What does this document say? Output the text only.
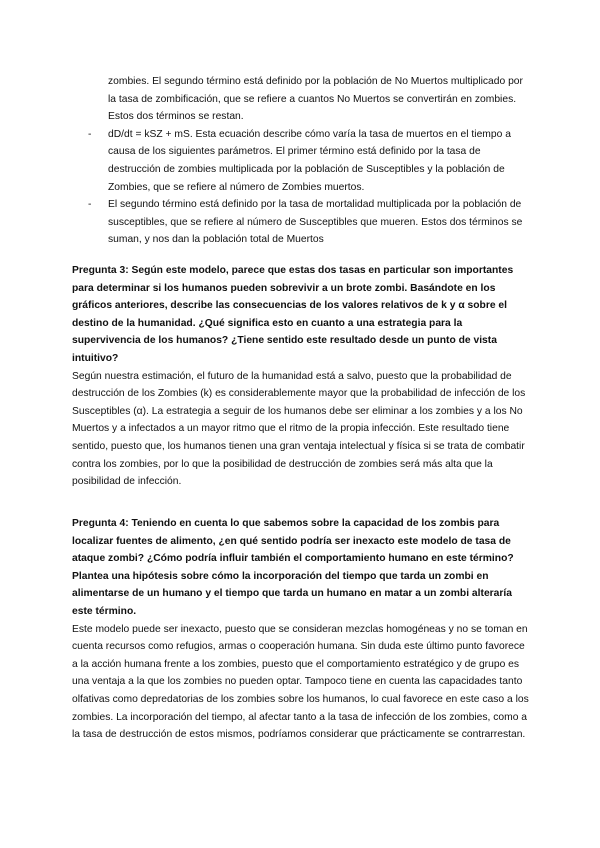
zombies. El segundo término está definido por la población de No Muertos multiplicado por la tasa de zombificación, que se refiere a cuantos No Muertos se convertirán en zombies. Estos dos términos se restan.
- dD/dt = kSZ + mS. Esta ecuación describe cómo varía la tasa de muertos en el tiempo a causa de los siguientes parámetros. El primer término está definido por la tasa de destrucción de zombies multiplicada por la población de Susceptibles y la población de Zombies, que se refiere al número de Zombies muertos.
- El segundo término está definido por la tasa de mortalidad multiplicada por la población de susceptibles, que se refiere al número de Susceptibles que mueren. Estos dos términos se suman, y nos dan la población total de Muertos

Pregunta 3: Según este modelo, parece que estas dos tasas en particular son importantes para determinar si los humanos pueden sobrevivir a un brote zombi. Basándote en los gráficos anteriores, describe las consecuencias de los valores relativos de k y α sobre el destino de la humanidad. ¿Qué significa esto en cuanto a una estrategia para la supervivencia de los humanos? ¿Tiene sentido este resultado desde un punto de vista intuitivo?

Según nuestra estimación, el futuro de la humanidad está a salvo, puesto que la probabilidad de destrucción de los Zombies (k) es considerablemente mayor que la probabilidad de infección de los Susceptibles (α). La estrategia a seguir de los humanos debe ser eliminar a los zombies y a los No Muertos y a infectados a un mayor ritmo que el ritmo de la propia infección. Este resultado tiene sentido, puesto que, los humanos tienen una gran ventaja intelectual y física si se trata de combatir contra los zombies, por lo que la posibilidad de destrucción de zombies será más alta que la posibilidad de infección.

Pregunta 4: Teniendo en cuenta lo que sabemos sobre la capacidad de los zombis para localizar fuentes de alimento, ¿en qué sentido podría ser inexacto este modelo de tasa de ataque zombi? ¿Cómo podría influir también el comportamiento humano en este término? Plantea una hipótesis sobre cómo la incorporación del tiempo que tarda un zombi en alimentarse de un humano y el tiempo que tarda un humano en matar a un zombi alteraría este término.

Este modelo puede ser inexacto, puesto que se consideran mezclas homogéneas y no se toman en cuenta recursos como refugios, armas o cooperación humana. Sin duda este último punto favorece a la acción humana frente a los zombies, puesto que el comportamiento estratégico y de grupo es una ventaja a la que los zombies no pueden optar. Tampoco tiene en cuenta las capacidades tanto olfativas como depredatorias de los zombies sobre los humanos, lo cual favorece en este caso a los zombies. La incorporación del tiempo, al afectar tanto a la tasa de infección de los zombies, como a la tasa de destrucción de estos mismos, podríamos considerar que prácticamente se contrarrestan.
